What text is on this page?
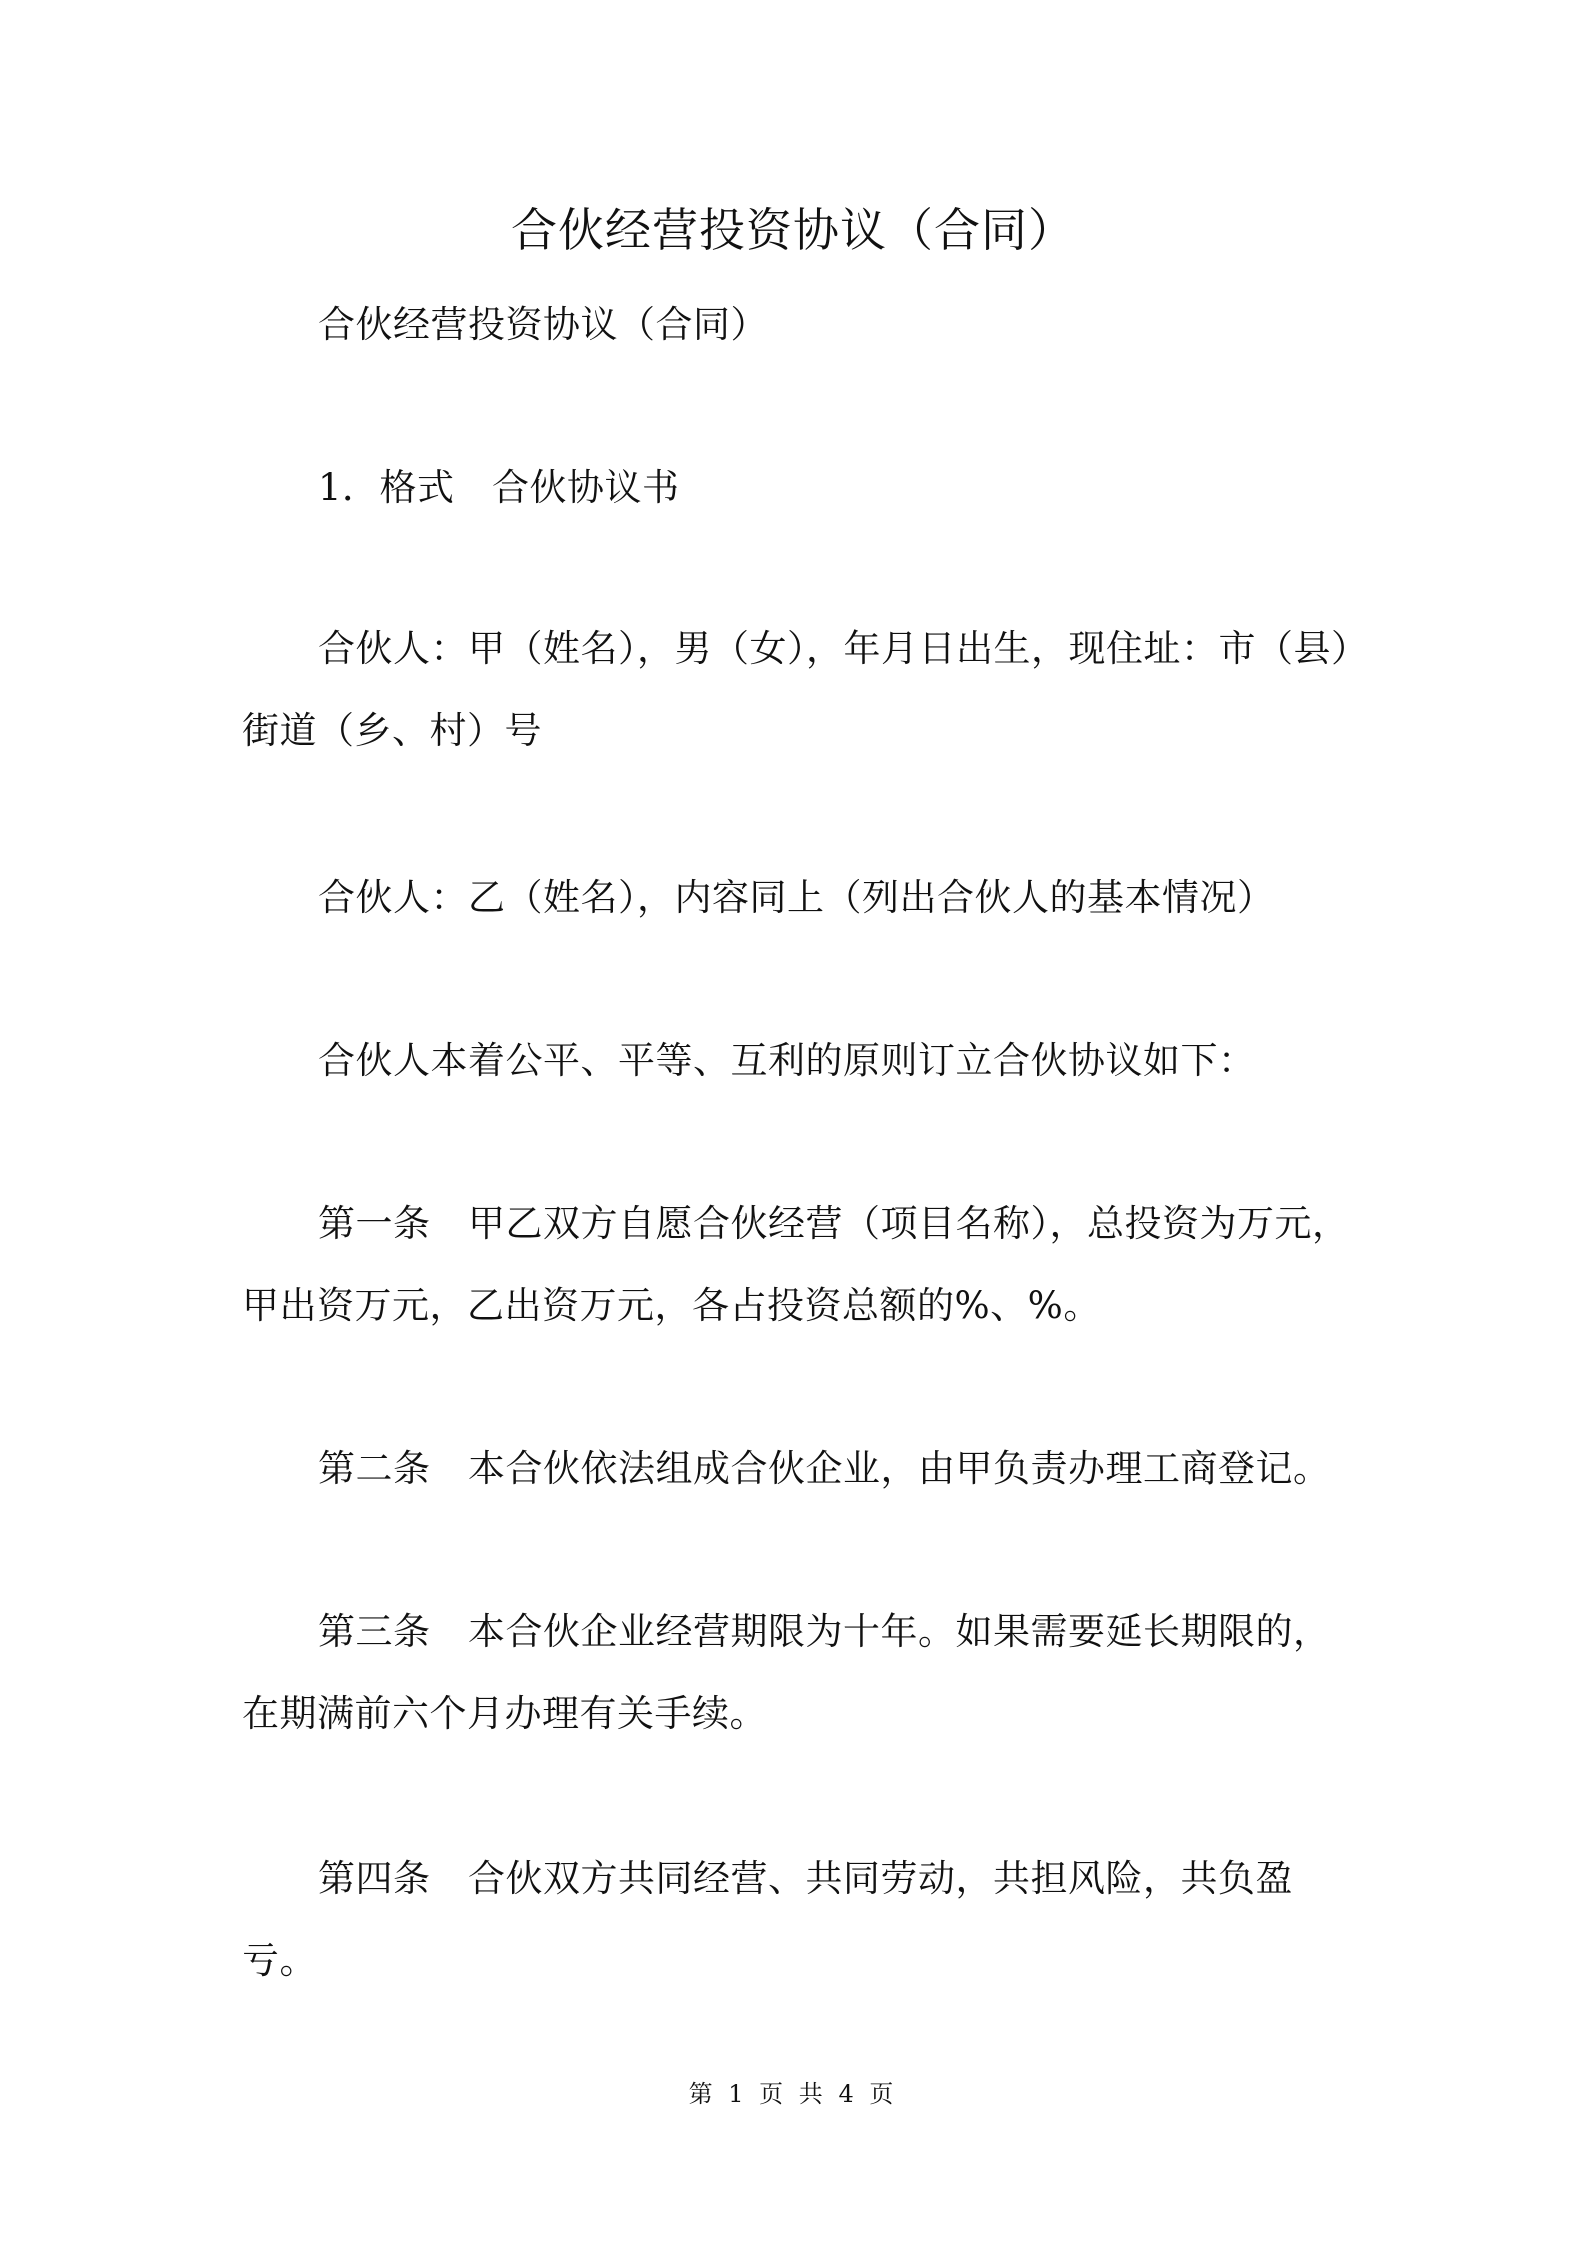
合伙经营投资协议（合同）

合伙经营投资协议（合同）

1．格式　合伙协议书

合伙人：甲（姓名），男（女），年月日出生，现住址：市（县）街道（乡、村）号

合伙人：乙（姓名），内容同上（列出合伙人的基本情况）

合伙人本着公平、平等、互利的原则订立合伙协议如下：

第一条　甲乙双方自愿合伙经营（项目名称），总投资为万元，甲出资万元，乙出资万元，各占投资总额的%、%。

第二条　本合伙依法组成合伙企业，由甲负责办理工商登记。

第三条　本合伙企业经营期限为十年。如果需要延长期限的，在期满前六个月办理有关手续。

第四条　合伙双方共同经营、共同劳动，共担风险，共负盈亏。

第 1 页 共 4 页
